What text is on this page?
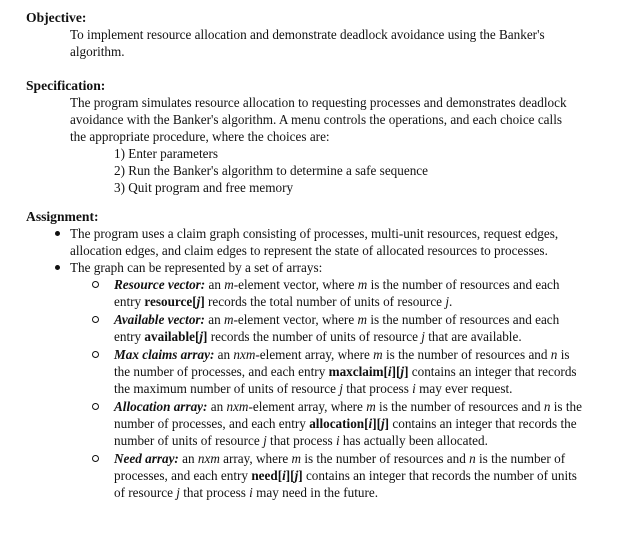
Objective:
To implement resource allocation and demonstrate deadlock avoidance using the Banker's algorithm.
Specification:
The program simulates resource allocation to requesting processes and demonstrates deadlock avoidance with the Banker's algorithm. A menu controls the operations, and each choice calls the appropriate procedure, where the choices are:
1) Enter parameters
2) Run the Banker's algorithm to determine a safe sequence
3) Quit program and free memory
Assignment:
The program uses a claim graph consisting of processes, multi-unit resources, request edges, allocation edges, and claim edges to represent the state of allocated resources to processes.
The graph can be represented by a set of arrays:
Resource vector: an m-element vector, where m is the number of resources and each entry resource[j] records the total number of units of resource j.
Available vector: an m-element vector, where m is the number of resources and each entry available[j] records the number of units of resource j that are available.
Max claims array: an nxm-element array, where m is the number of resources and n is the number of processes, and each entry maxclaim[i][j] contains an integer that records the maximum number of units of resource j that process i may ever request.
Allocation array: an nxm-element array, where m is the number of resources and n is the number of processes, and each entry allocation[i][j] contains an integer that records the number of units of resource j that process i has actually been allocated.
Need array: an nxm array, where m is the number of resources and n is the number of processes, and each entry need[i][j] contains an integer that records the number of units of resource j that process i may need in the future.
